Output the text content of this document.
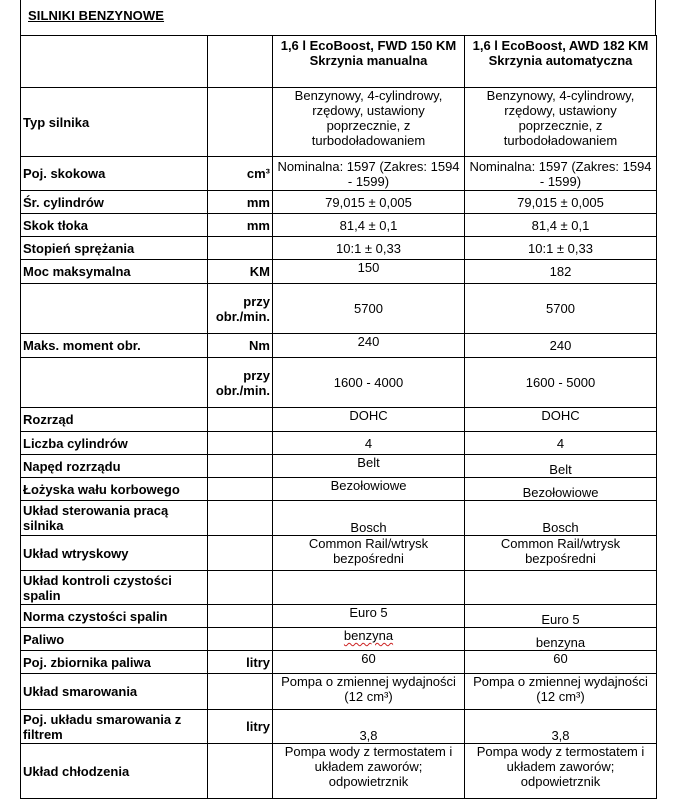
SILNIKI BENZYNOWE
		1,6 l EcoBoost, FWD 150 KM Skrzynia manualna	1,6 l EcoBoost, AWD 182 KM Skrzynia automatyczna
Typ silnika		Benzynowy, 4-cylindrowy, rzędowy, ustawiony poprzecznie, z turbodoładowaniem	Benzynowy, 4-cylindrowy, rzędowy, ustawiony poprzecznie, z turbodoładowaniem
Poj. skokowa	cm³	Nominalna: 1597 (Zakres: 1594 - 1599)	Nominalna: 1597 (Zakres: 1594 - 1599)
Śr. cylindrów	mm	79,015 ± 0,005	79,015 ± 0,005
Skok tłoka	mm	81,4 ± 0,1	81,4 ± 0,1
Stopień sprężania		10:1 ± 0,33	10:1 ± 0,33
Moc maksymalna	KM	150	182
	przy obr./min.	5700	5700
Maks. moment obr.	Nm	240	240
	przy obr./min.	1600 - 4000	1600 - 5000
Rozrząd		DOHC	DOHC
Liczba cylindrów		4	4
Napęd rozrządu		Belt	Belt
Łożyska wału korbowego		Bezołowiowe	Bezołowiowe
Układ sterowania pracą silnika		Bosch	Bosch
Układ wtryskowy		Common Rail/wtrysk bezpośredni	Common Rail/wtrysk bezpośredni
Układ kontroli czystości spalin			
Norma czystości spalin		Euro 5	Euro 5
Paliwo		benzyna	benzyna
Poj. zbiornika paliwa	litry	60	60
Układ smarowania		Pompa o zmiennej wydajności (12 cm³)	Pompa o zmiennej wydajności (12 cm³)
Poj. układu smarowania z filtrem	litry	3,8	3,8
Układ chłodzenia		Pompa wody z termostatem i układem zaworów; odpowietrznik	Pompa wody z termostatem i układem zaworów; odpowietrznik
